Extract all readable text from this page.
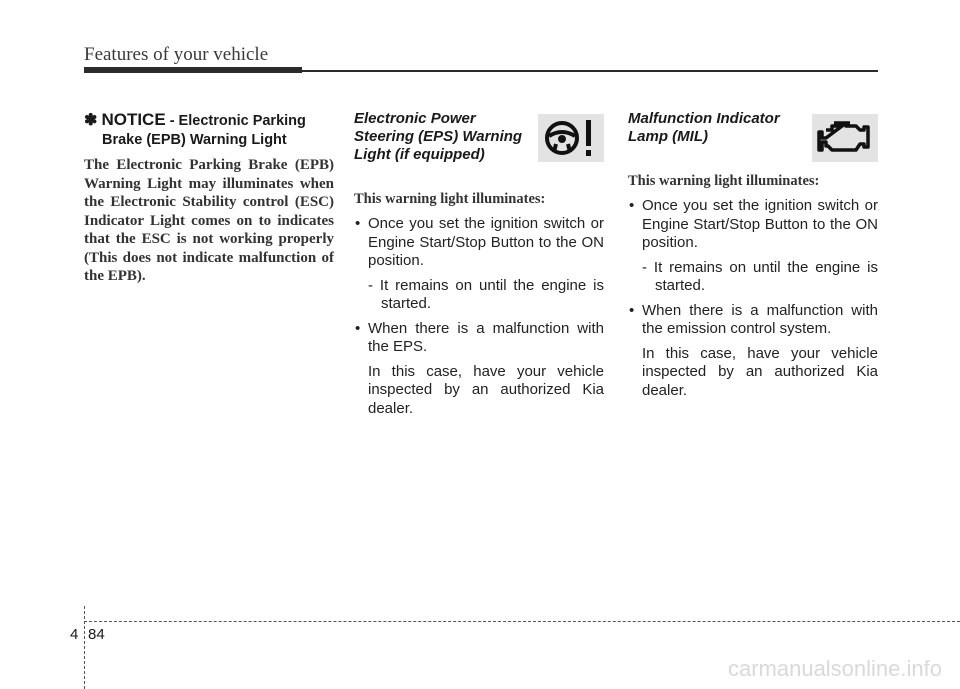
Features of your vehicle
✽ NOTICE - Electronic Parking
Brake (EPB) Warning Light
The Electronic Parking Brake (EPB) Warning Light may illuminates when the Electronic Stability control (ESC) Indicator Light comes on to indicates that the ESC is not working properly (This does not indicate malfunction of the EPB).
Electronic Power Steering (EPS) Warning Light (if equipped)
This warning light illuminates:
• Once you set the ignition switch or Engine Start/Stop Button to the ON position.
- It remains on until the engine is started.
• When there is a malfunction with the EPS.
In this case, have your vehicle inspected by an authorized Kia dealer.
Malfunction Indicator Lamp (MIL)
This warning light illuminates:
• Once you set the ignition switch or Engine Start/Stop Button to the ON position.
- It remains on until the engine is started.
• When there is a malfunction with the emission control system.
In this case, have your vehicle inspected by an authorized Kia dealer.
4 84
carmanualsonline.info
